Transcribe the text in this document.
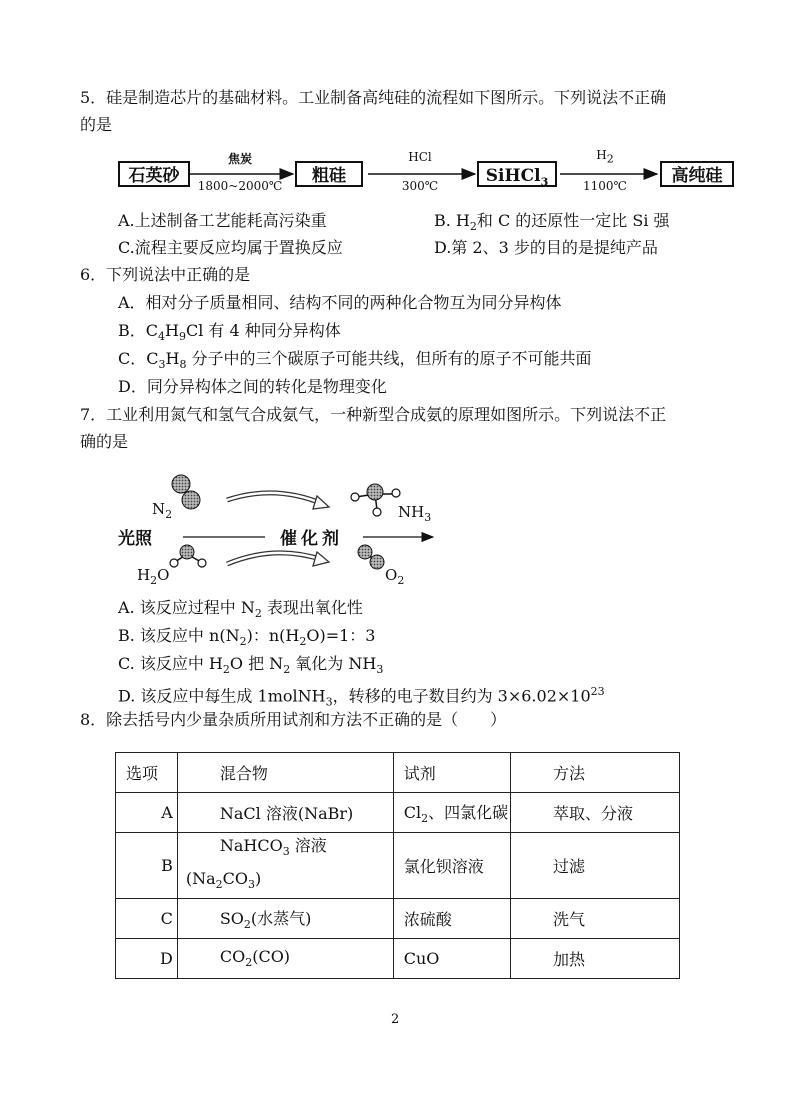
5．硅是制造芯片的基础材料。工业制备高纯硅的流程如下图所示。下列说法不正确
的是
石英砂	粗硅	SiHCl$_3$	高纯硅
焦炭
1800~2000℃
HCl
300℃
$H_2$
1100℃
A.上述制备工艺能耗高污染重	B. $H_2$和 C 的还原性一定比 Si 强
C.流程主要反应均属于置换反应	D.第 2、3 步的目的是提纯产品
6．下列说法中正确的是
A．相对分子质量相同、结构不同的两种化合物互为同分异构体
B．$C_4H_9Cl$ 有 4 种同分异构体
C．$C_3H_8$ 分子中的三个碳原子可能共线，但所有的原子不可能共面
D．同分异构体之间的转化是物理变化
7．工业利用氮气和氢气合成氨气，一种新型合成氨的原理如图所示。下列说法不正
确的是
$N_2$	$NH_3$
光照	催化剂
$H_2O$	$O_2$
A. 该反应过程中 $N_2$ 表现出氧化性
B. 该反应中 $n(N_2)$：$n(H_2O)=1$：3
C. 该反应中 $H_2O$ 把 $N_2$ 氧化为 $NH_3$
D. 该反应中每生成 1molNH$_3$，转移的电子数目约为 $3\times 6.02\times 10^{23}$
8．除去括号内少量杂质所用试剂和方法不正确的是（　　）
选项	混合物	试剂	方法
A	NaCl 溶液(NaBr)	$Cl_2$、四氯化碳	萃取、分液
B	NaHCO$_3$ 溶液
$(Na_2CO_3)$	氯化钡溶液	过滤
C	$SO_2$(水蒸气)	浓硫酸	洗气
D	$CO_2(CO)$	CuO	加热
2
